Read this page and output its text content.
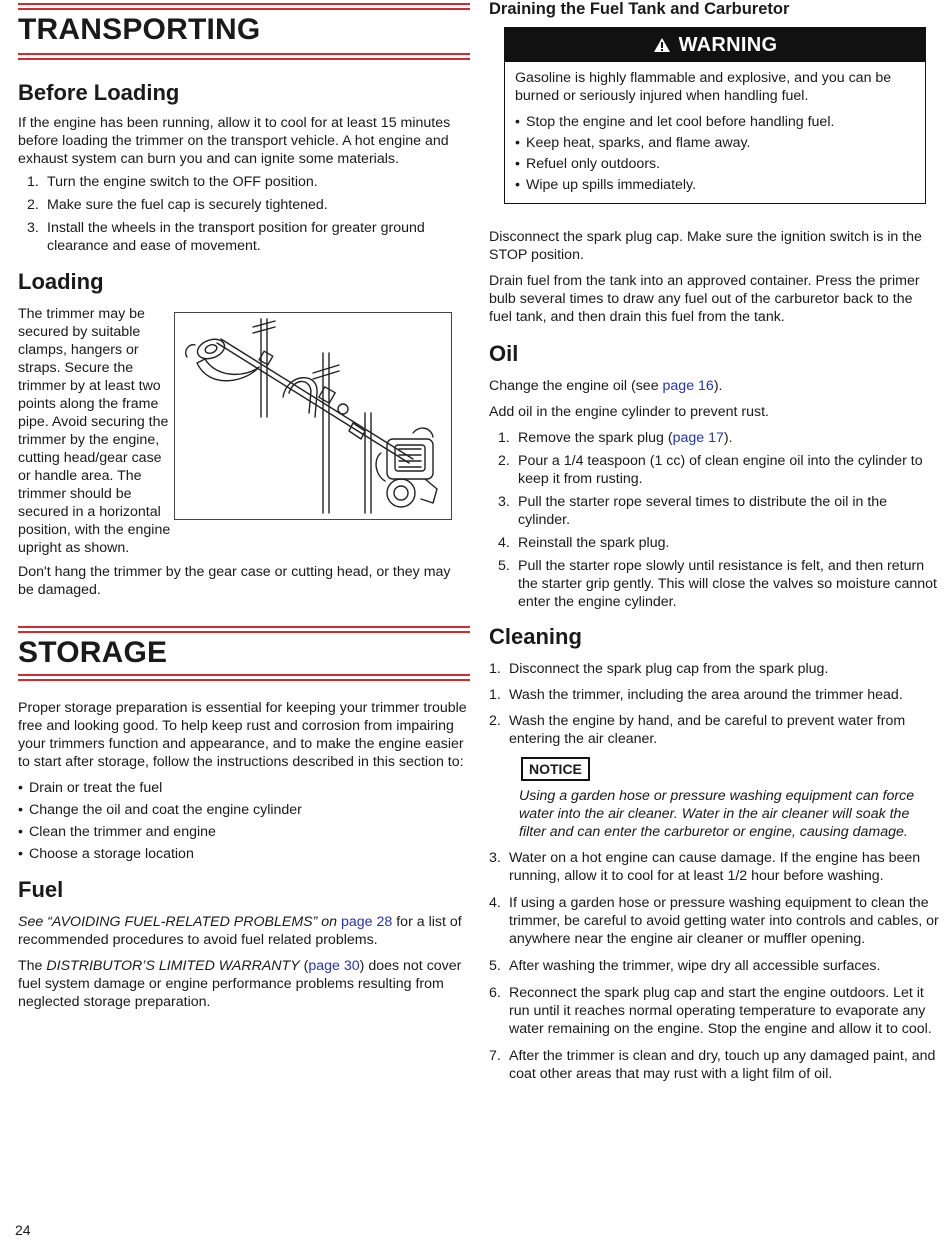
TRANSPORTING
Before Loading

If the engine has been running, allow it to cool for at least 15 minutes before loading the trimmer on the transport vehicle. A hot engine and exhaust system can burn you and can ignite some materials.

1. Turn the engine switch to the OFF position.
2. Make sure the fuel cap is securely tightened.
3. Install the wheels in the transport position for greater ground clearance and ease of movement.
Loading

The trimmer may be secured by suitable clamps, hangers or straps. Secure the trimmer by at least two points along the frame pipe. Avoid securing the trimmer by the engine, cutting head/gear case or handle area. The trimmer should be secured in a horizontal position, with the engine upright as shown.

Don't hang the trimmer by the gear case or cutting head, or they may be damaged.

STORAGE

Proper storage preparation is essential for keeping your trimmer trouble free and looking good. To help keep rust and corrosion from impairing your trimmers function and appearance, and to make the engine easier to start after storage, follow the instructions described in this section to:

• Drain or treat the fuel
• Change the oil and coat the engine cylinder
• Clean the trimmer and engine
• Choose a storage location
Fuel

See “AVOIDING FUEL-RELATED PROBLEMS” on page 28 for a list of recommended procedures to avoid fuel related problems.

The DISTRIBUTOR’S LIMITED WARRANTY (page 30) does not cover fuel system damage or engine performance problems resulting from neglected storage preparation.

Draining the Fuel Tank and Carburetor
WARNING

Gasoline is highly flammable and explosive, and you can be burned or seriously injured when handling fuel.

• Stop the engine and let cool before handling fuel.
• Keep heat, sparks, and flame away.
• Refuel only outdoors.
• Wipe up spills immediately.

Disconnect the spark plug cap. Make sure the ignition switch is in the STOP position.

Drain fuel from the tank into an approved container. Press the primer bulb several times to draw any fuel out of the carburetor back to the fuel tank, and then drain this fuel from the tank.

Oil

Change the engine oil (see page 16).

Add oil in the engine cylinder to prevent rust.

1. Remove the spark plug (page 17).
2. Pour a 1/4 teaspoon (1 cc) of clean engine oil into the cylinder to keep it from rusting.
3. Pull the starter rope several times to distribute the oil in the cylinder.
4. Reinstall the spark plug.
5. Pull the starter rope slowly until resistance is felt, and then return the starter grip gently. This will close the valves so moisture cannot enter the engine cylinder.
Cleaning
1. Disconnect the spark plug cap from the spark plug.
1. Wash the trimmer, including the area around the trimmer head.
2. Wash the engine by hand, and be careful to prevent water from entering the air cleaner.
NOTICE

Using a garden hose or pressure washing equipment can force water into the air cleaner. Water in the air cleaner will soak the filter and can enter the carburetor or engine, causing damage.

3. Water on a hot engine can cause damage. If the engine has been running, allow it to cool for at least 1/2 hour before washing.
4. If using a garden hose or pressure washing equipment to clean the trimmer, be careful to avoid getting water into controls and cables, or anywhere near the engine air cleaner or muffler opening.
5. After washing the trimmer, wipe dry all accessible surfaces.
6. Reconnect the spark plug cap and start the engine outdoors. Let it run until it reaches normal operating temperature to evaporate any water remaining on the engine. Stop the engine and allow it to cool.
7. After the trimmer is clean and dry, touch up any damaged paint, and coat other areas that may rust with a light film of oil.
24
